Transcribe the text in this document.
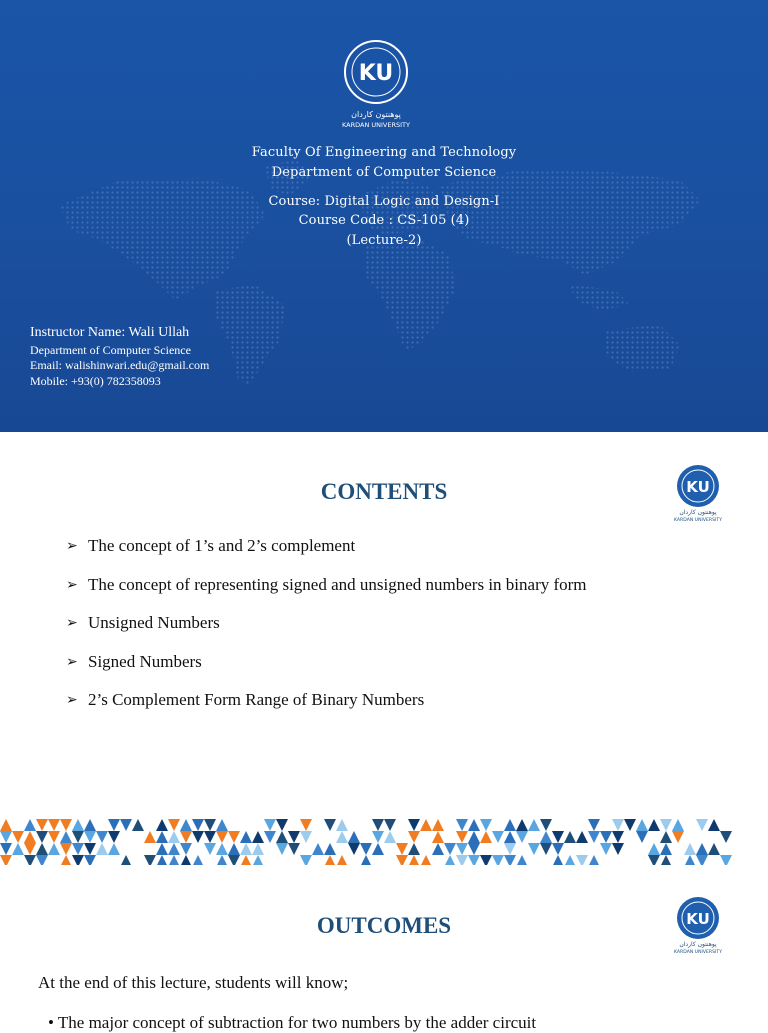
KU
پوهنتون کاردان
KARDAN UNIVERSITY
Faculty Of Engineering and Technology
Department of Computer Science
Course: Digital Logic and Design-I
Course Code : CS-105 (4)
(Lecture-2)
Instructor Name: Wali Ullah
Department of Computer Science
Email: walishinwari.edu@gmail.com
Mobile: +93(0) 782358093
CONTENTS	KU
پوهنتون کاردان
KARDAN UNIVERSITY
➢ The concept of 1’s and 2’s complement
➢ The concept of representing signed and unsigned numbers in binary form
➢ Unsigned Numbers
➢ Signed Numbers
➢ 2’s Complement Form Range of Binary Numbers
OUTCOMES	KU
پوهنتون کاردان
KARDAN UNIVERSITY
At the end of this lecture, students will know;
• The major concept of subtraction for two numbers by the adder circuit
